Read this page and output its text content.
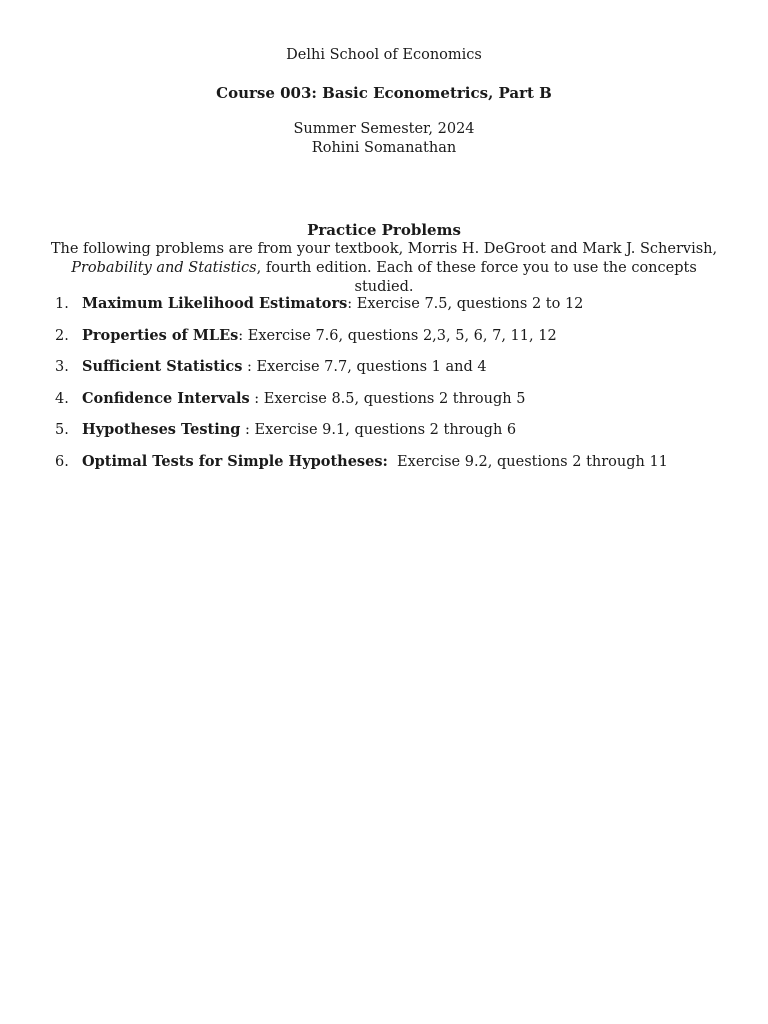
Delhi School of Economics
Course 003: Basic Econometrics, Part B
Summer Semester, 2024
Rohini Somanathan
Practice Problems
The following problems are from your textbook, Morris H. DeGroot and Mark J. Schervish, Probability and Statistics, fourth edition. Each of these force you to use the concepts studied.
1. Maximum Likelihood Estimators: Exercise 7.5, questions 2 to 12
2. Properties of MLEs: Exercise 7.6, questions 2,3, 5, 6, 7, 11, 12
3. Sufficient Statistics : Exercise 7.7, questions 1 and 4
4. Confidence Intervals : Exercise 8.5, questions 2 through 5
5. Hypotheses Testing : Exercise 9.1, questions 2 through 6
6. Optimal Tests for Simple Hypotheses:  Exercise 9.2, questions 2 through 11
